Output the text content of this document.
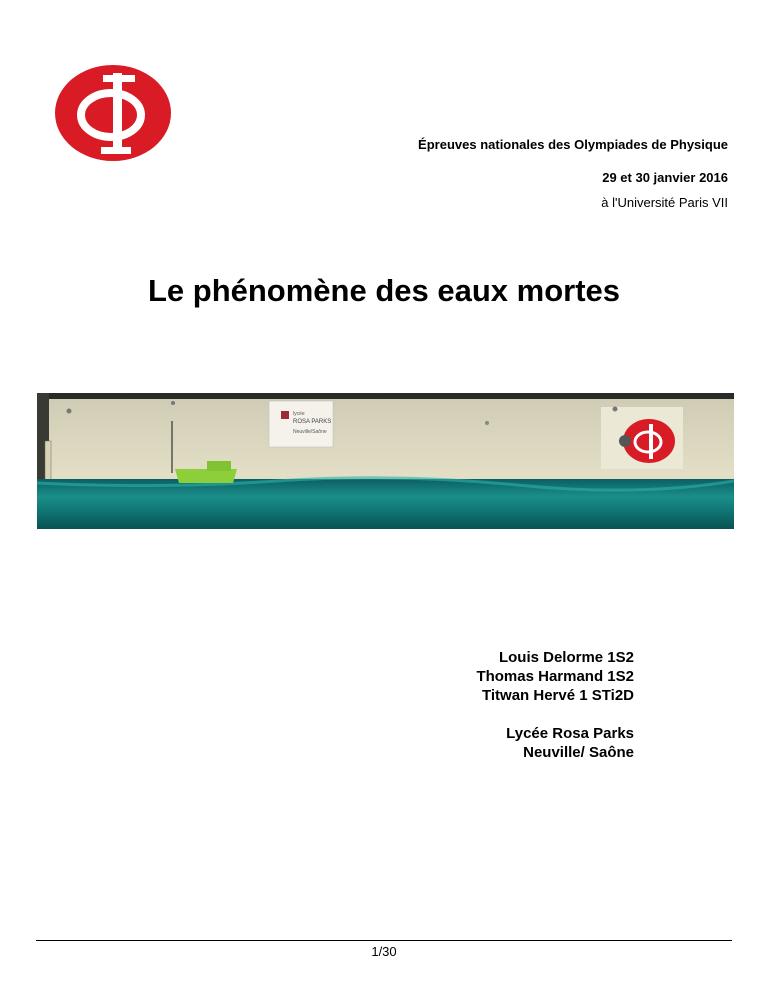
Épreuves nationales des Olympiades de Physique
29 et 30 janvier 2016
à l'Université Paris VII
Le phénomène des eaux mortes
lycée
ROSA PARKS
Neuville/Saône
Louis Delorme 1S2
Thomas Harmand 1S2
Titwan Hervé 1 STi2D
Lycée Rosa Parks
Neuville/ Saône
1/30
